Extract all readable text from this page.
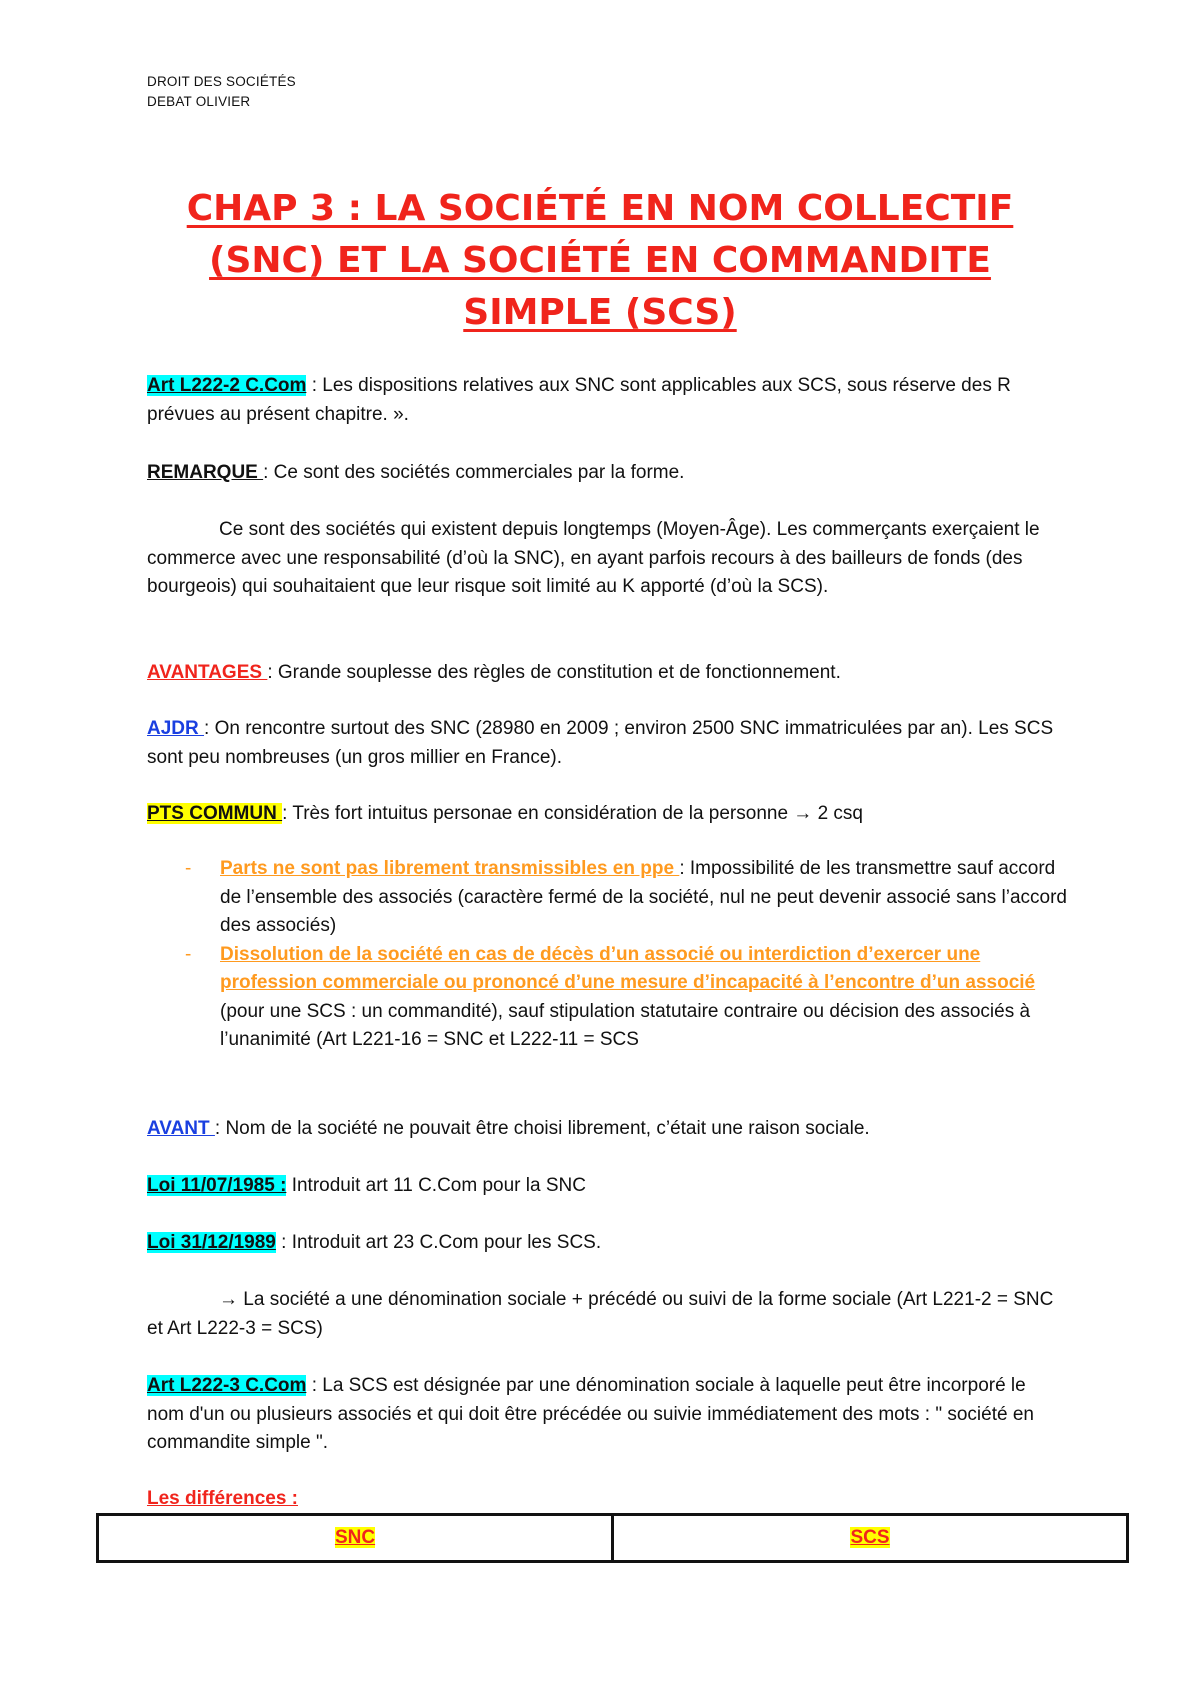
DROIT DES SOCIÉTÉS
DEBAT OLIVIER
CHAP 3 : LA SOCIÉTÉ EN NOM COLLECTIF (SNC) ET LA SOCIÉTÉ EN COMMANDITE SIMPLE (SCS)
Art L222-2 C.Com : Les dispositions relatives aux SNC sont applicables aux SCS, sous réserve des R prévues au présent chapitre. ».
REMARQUE : Ce sont des sociétés commerciales par la forme.
Ce sont des sociétés qui existent depuis longtemps (Moyen-Âge). Les commerçants exerçaient le commerce avec une responsabilité (d’où la SNC), en ayant parfois recours à des bailleurs de fonds (des bourgeois) qui souhaitaient que leur risque soit limité au K apporté (d’où la SCS).
AVANTAGES : Grande souplesse des règles de constitution et de fonctionnement.
AJDR : On rencontre surtout des SNC (28980 en 2009 ; environ 2500 SNC immatriculées par an). Les SCS sont peu nombreuses (un gros millier en France).
PTS COMMUN : Très fort intuitus personae en considération de la personne → 2 csq
- Parts ne sont pas librement transmissibles en ppe : Impossibilité de les transmettre sauf accord de l’ensemble des associés (caractère fermé de la société, nul ne peut devenir associé sans l’accord des associés)
- Dissolution de la société en cas de décès d’un associé ou interdiction d’exercer une profession commerciale ou prononcé d’une mesure d’incapacité à l’encontre d’un associé (pour une SCS : un commandité), sauf stipulation statutaire contraire ou décision des associés à l’unanimité (Art L221-16 = SNC et L222-11 = SCS
AVANT : Nom de la société ne pouvait être choisi librement, c’était une raison sociale.
Loi 11/07/1985 : Introduit art 11 C.Com pour la SNC
Loi 31/12/1989 : Introduit art 23 C.Com pour les SCS.
→ La société a une dénomination sociale + précédé ou suivi de la forme sociale (Art L221-2 = SNC et Art L222-3 = SCS)
Art L222-3 C.Com : La SCS est désignée par une dénomination sociale à laquelle peut être incorporé le nom d'un ou plusieurs associés et qui doit être précédée ou suivie immédiatement des mots : " société en commandite simple ".
Les différences :
SNC	SCS
